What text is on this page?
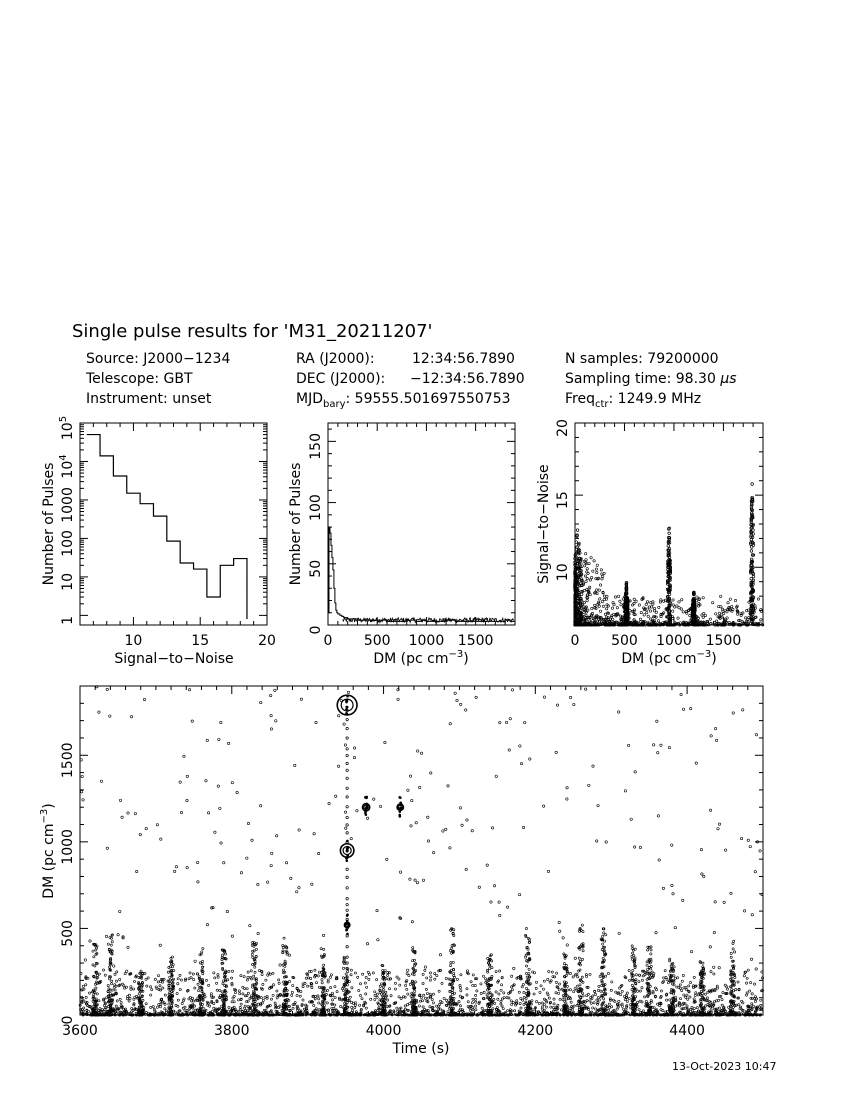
Single pulse results for 'M31_20211207'
Source: J2000−1234
Telescope: GBT
Instrument: unset
RA (J2000):	12:34:56.7890
DEC (J2000): −12:34:56.7890
$MJD_{bary}$: 59555.501697550753
N samples: 79200000
Sampling time: 98.30 μs
Freq$_{ctr}$: 1249.9 MHz
13-Oct-2023 10:47
10	15	20
1
10
100
1000
$10^4$
$10^5$
Signal−to−Noise
Number of Pulses
0 500 1000 1500
0
50
100
150
DM (pc $cm^{-3}$)
Number of Pulses
0 500 1000 1500
10
15
20
DM (pc $cm^{-3}$)
Signal−to−Noise
3600	3800	4000	4200	4400
0
500
1000
1500
Time (s)
DM (pc $cm^{-3}$)
